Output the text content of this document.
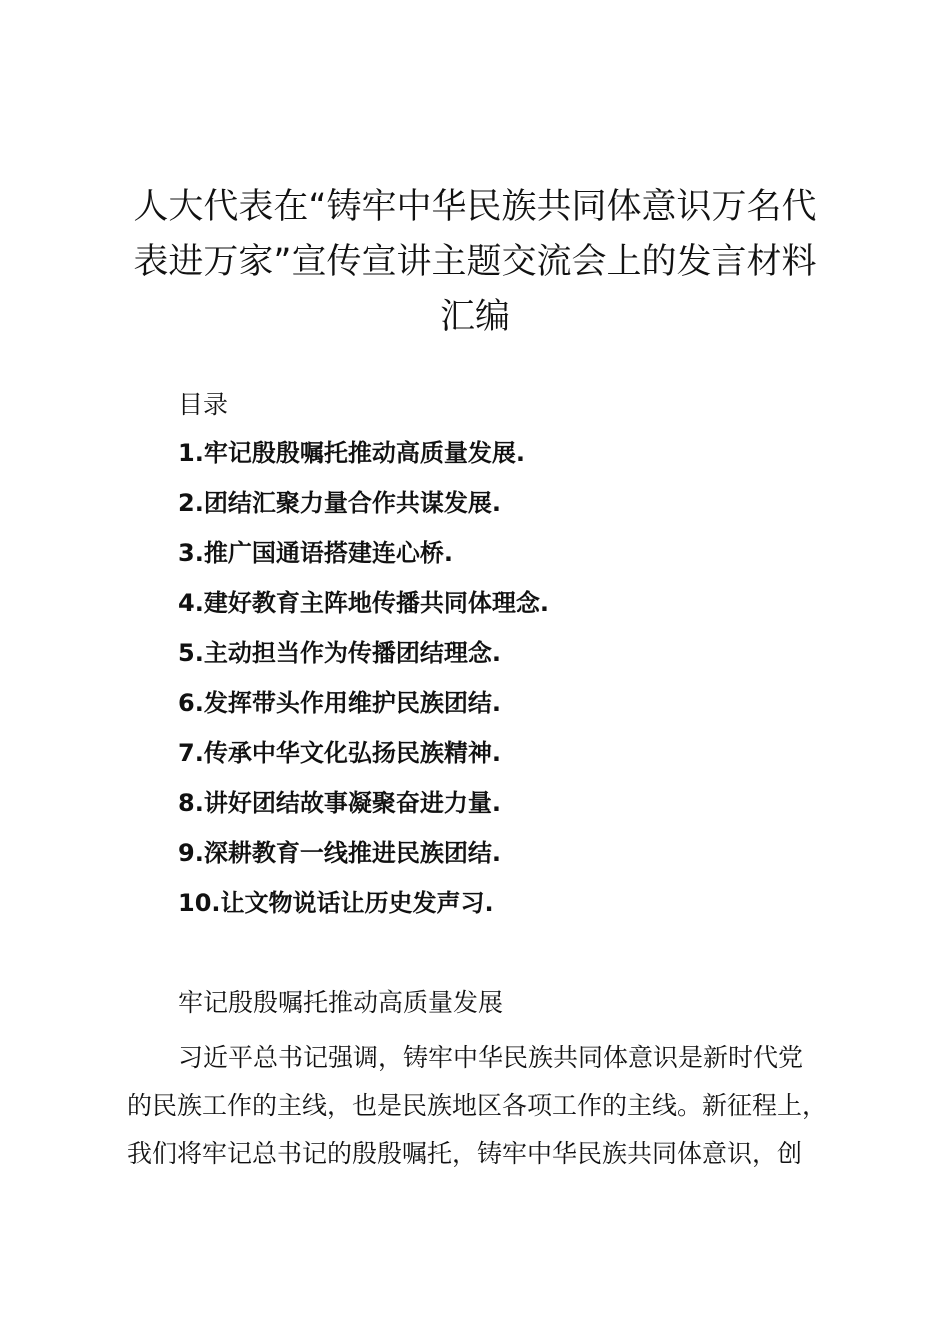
人大代表在“铸牢中华民族共同体意识万名代
表进万家”宣传宣讲主题交流会上的发言材料
汇编
目录
1.牢记殷殷嘱托推动高质量发展.
2.团结汇聚力量合作共谋发展.
3.推广国通语搭建连心桥.
4.建好教育主阵地传播共同体理念.
5.主动担当作为传播团结理念.
6.发挥带头作用维护民族团结.
7.传承中华文化弘扬民族精神.
8.讲好团结故事凝聚奋进力量.
9.深耕教育一线推进民族团结.
10.让文物说话让历史发声习.
牢记殷殷嘱托推动高质量发展
习近平总书记强调，铸牢中华民族共同体意识是新时代党
的民族工作的主线，也是民族地区各项工作的主线。新征程上，
我们将牢记总书记的殷殷嘱托，铸牢中华民族共同体意识，创
